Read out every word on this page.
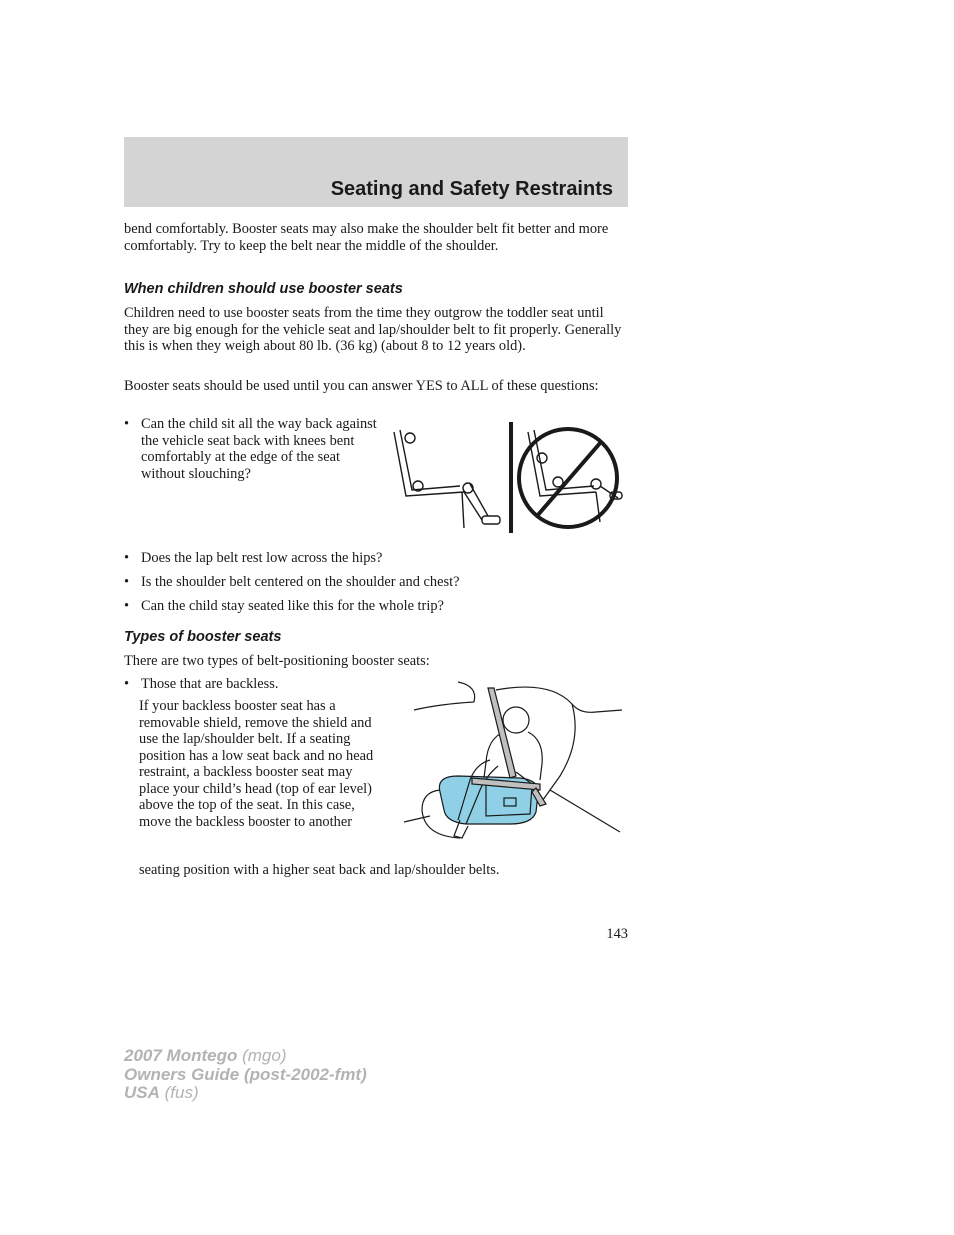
Seating and Safety Restraints

bend comfortably. Booster seats may also make the shoulder belt fit better and more comfortably. Try to keep the belt near the middle of the shoulder.

When children should use booster seats

Children need to use booster seats from the time they outgrow the toddler seat until they are big enough for the vehicle seat and lap/shoulder belt to fit properly. Generally this is when they weigh about 80 lb. (36 kg) (about 8 to 12 years old).

Booster seats should be used until you can answer YES to ALL of these questions:

• Can the child sit all the way back against the vehicle seat back with knees bent comfortably at the edge of the seat without slouching?
• Does the lap belt rest low across the hips?
• Is the shoulder belt centered on the shoulder and chest?
• Can the child stay seated like this for the whole trip?
Types of booster seats

There are two types of belt-positioning booster seats:

• Those that are backless.

If your backless booster seat has a removable shield, remove the shield and use the lap/shoulder belt. If a seating position has a low seat back and no head restraint, a backless booster seat may place your child’s head (top of ear level) above the top of the seat. In this case, move the backless booster to another

seating position with a higher seat back and lap/shoulder belts.

143
2007 Montego (mgo)
Owners Guide (post-2002-fmt)
USA (fus)
